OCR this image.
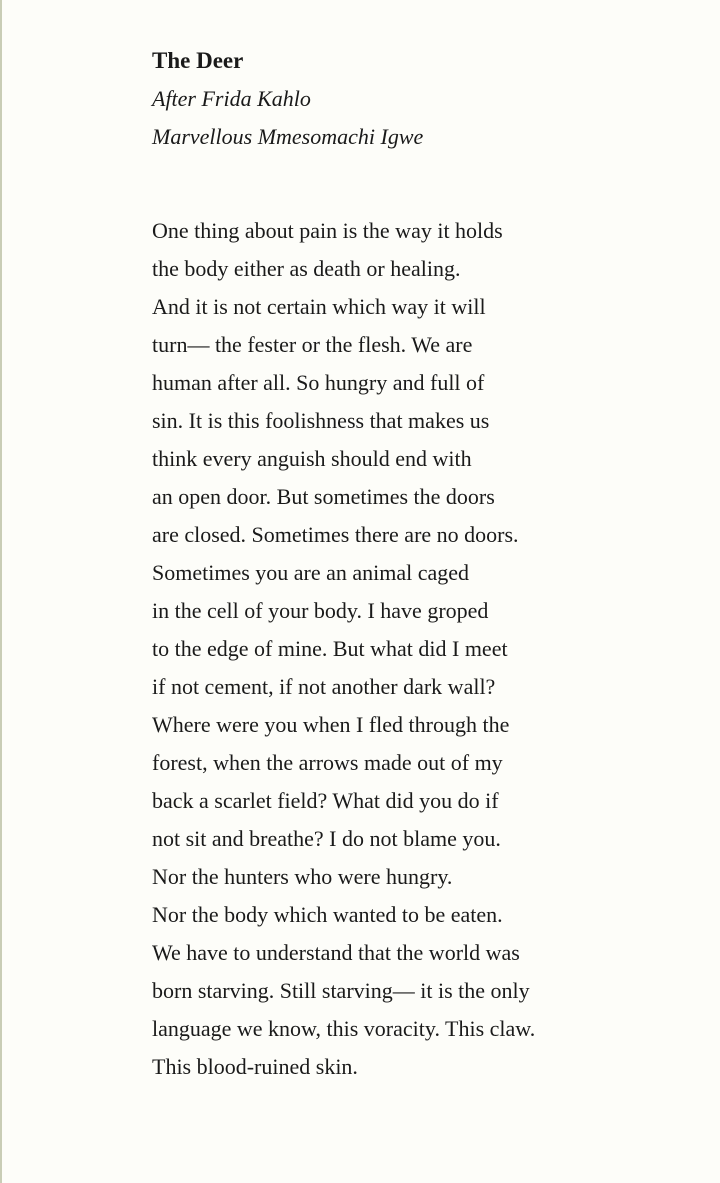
The Deer
After Frida Kahlo
Marvellous Mmesomachi Igwe
One thing about pain is the way it holds
the body either as death or healing.
And it is not certain which way it will
turn— the fester or the flesh. We are
human after all. So hungry and full of
sin. It is this foolishness that makes us
think every anguish should end with
an open door. But sometimes the doors
are closed. Sometimes there are no doors.
Sometimes you are an animal caged
in the cell of your body. I have groped
to the edge of mine. But what did I meet
if not cement, if not another dark wall?
Where were you when I fled through the
forest, when the arrows made out of my
back a scarlet field? What did you do if
not sit and breathe? I do not blame you.
Nor the hunters who were hungry.
Nor the body which wanted to be eaten.
We have to understand that the world was
born starving. Still starving— it is the only
language we know, this voracity. This claw.
This blood-ruined skin.
